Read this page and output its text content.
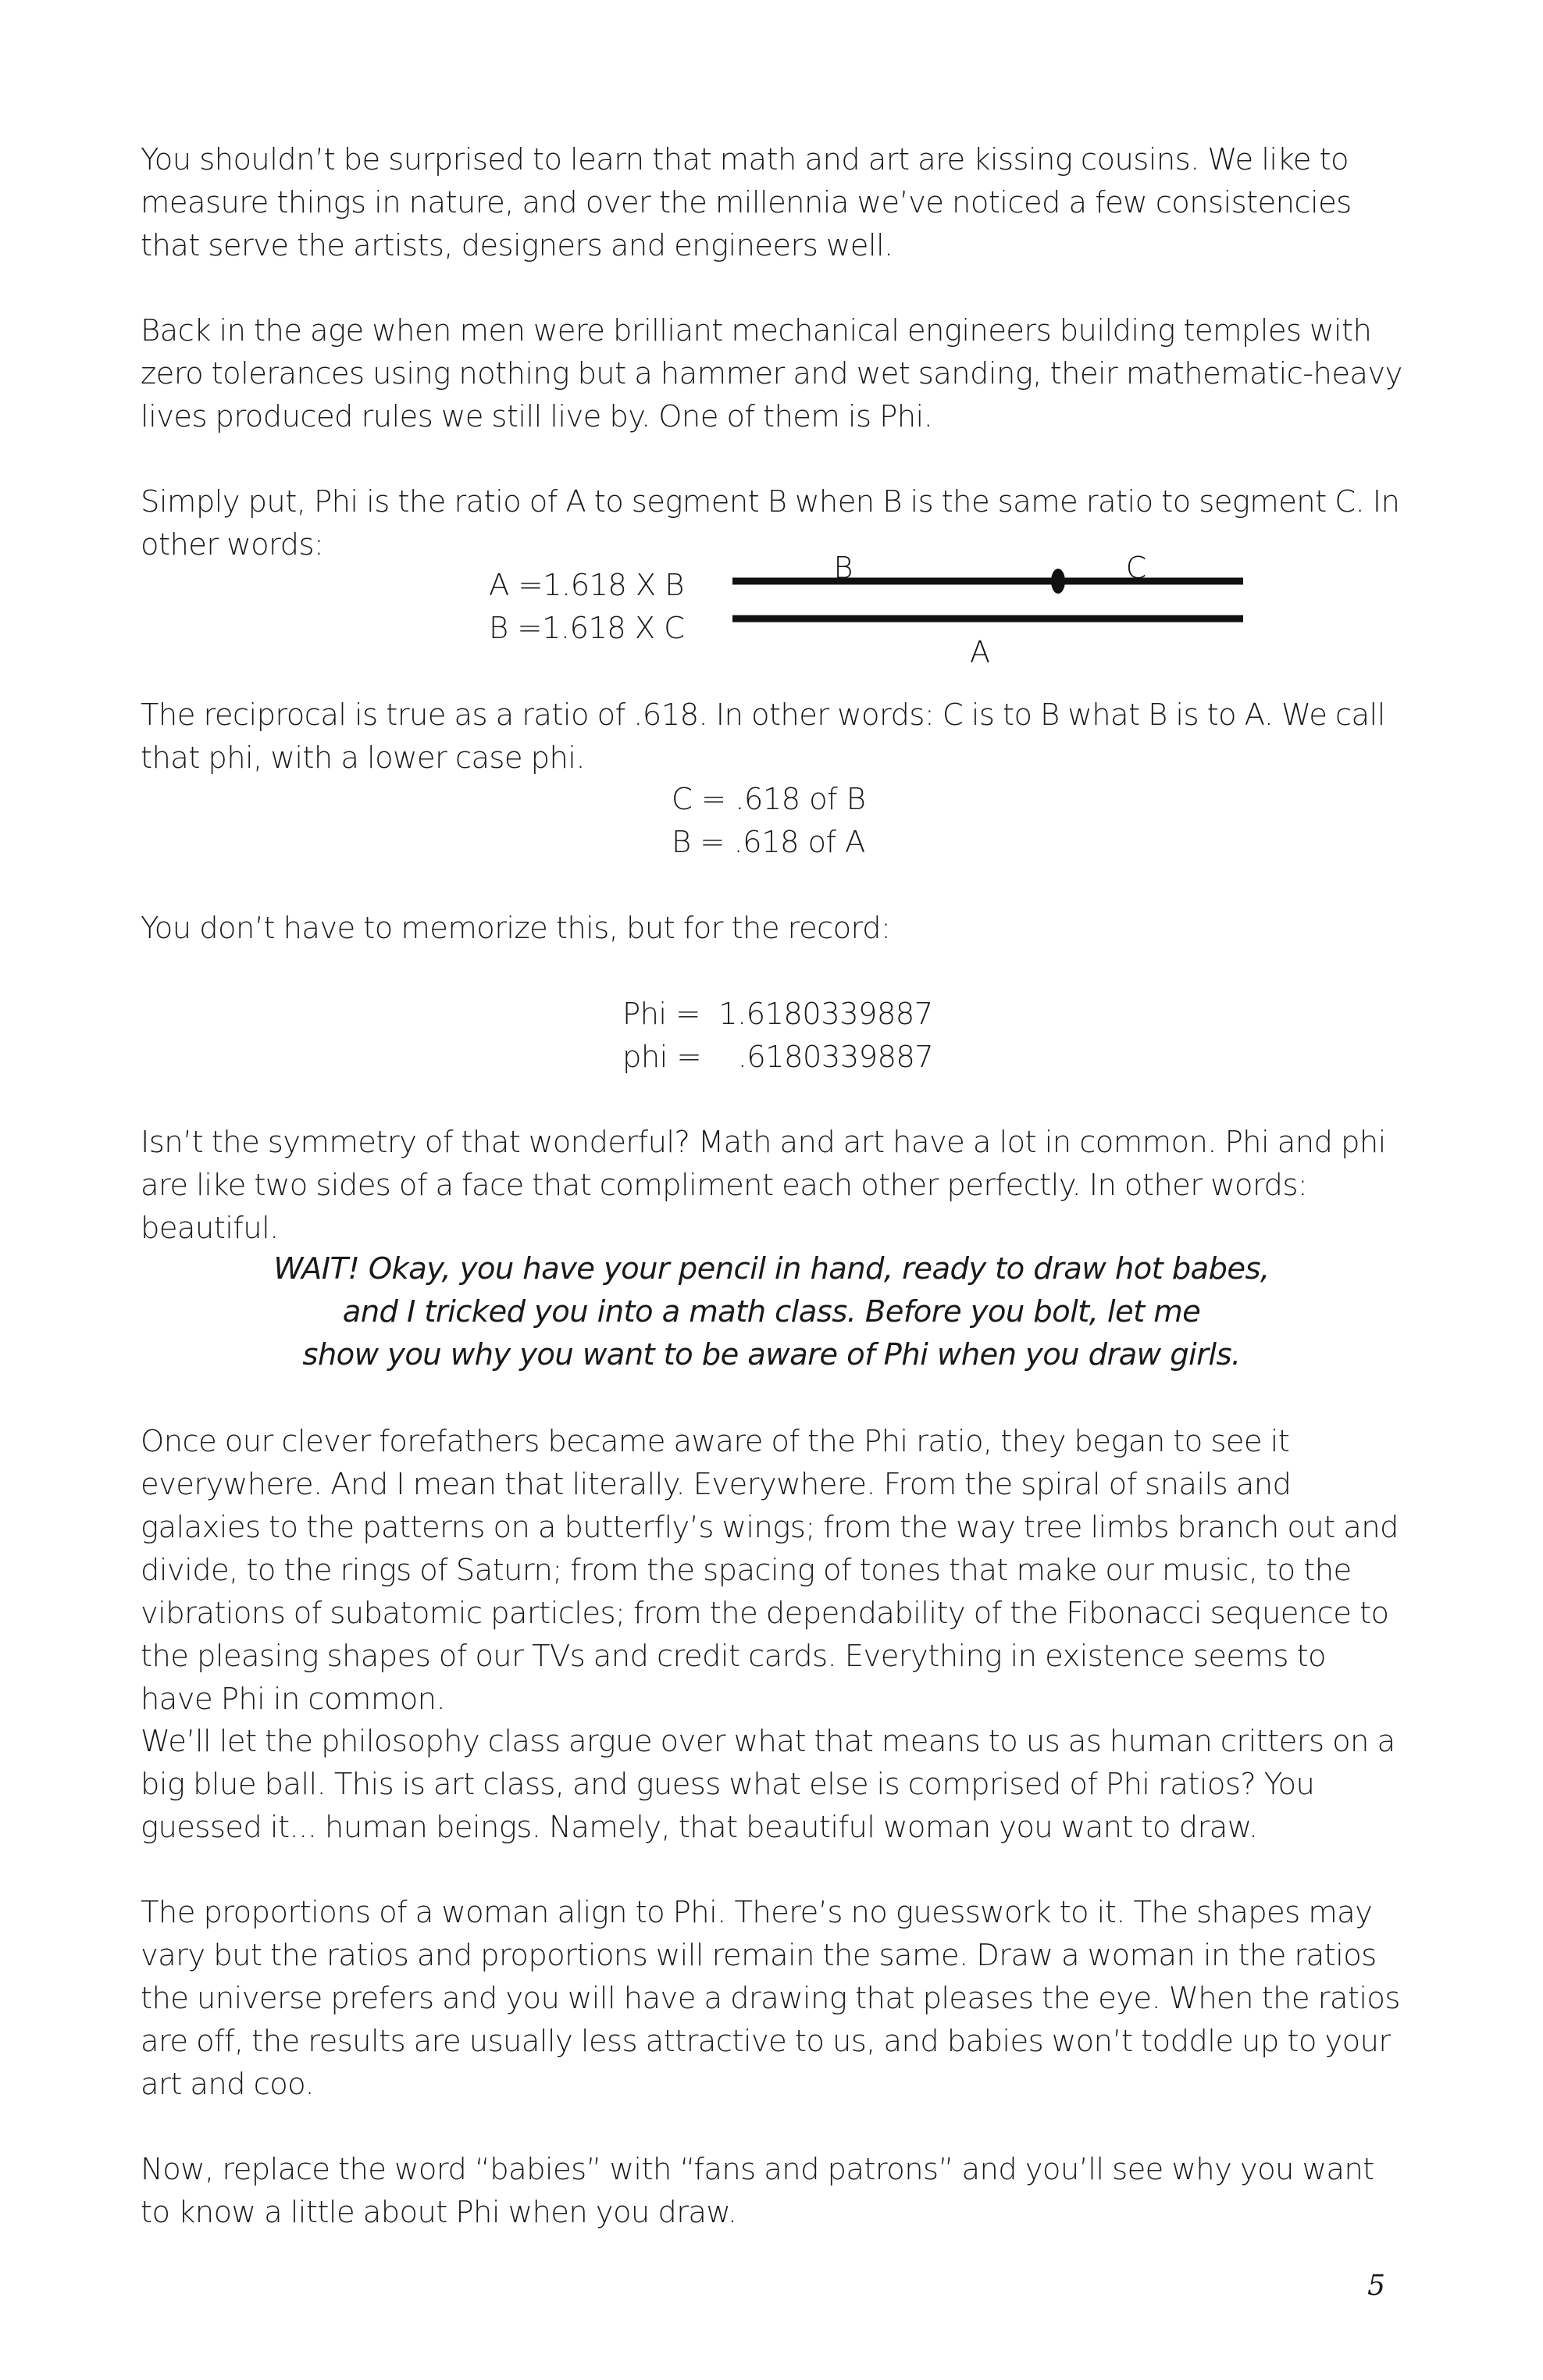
You shouldn’t be surprised to learn that math and art are kissing cousins. We like to measure things in nature, and over the millennia we’ve noticed a few consistencies that serve the artists, designers and engineers well.

Back in the age when men were brilliant mechanical engineers building temples with zero tolerances using nothing but a hammer and wet sanding, their mathematic-heavy lives produced rules we still live by. One of them is Phi.

Simply put, Phi is the ratio of A to segment B when B is the same ratio to segment C. In other words:

A =1.618 X B

B =1.618 X C

B	C
A

The reciprocal is true as a ratio of .618. In other words: C is to B what B is to A. We call that phi, with a lower case phi.

C = .618 of B

B = .618 of A

You don’t have to memorize this, but for the record:

Phi =  1.6180339887

phi =    .6180339887

Isn’t the symmetry of that wonderful? Math and art have a lot in common. Phi and phi are like two sides of a face that compliment each other perfectly. In other words: beautiful.

WAIT! Okay, you have your pencil in hand, ready to draw hot babes,

and I tricked you into a math class. Before you bolt, let me

show you why you want to be aware of Phi when you draw girls.

Once our clever forefathers became aware of the Phi ratio, they began to see it everywhere. And I mean that literally. Everywhere. From the spiral of snails and galaxies to the patterns on a butterfly’s wings; from the way tree limbs branch out and divide, to the rings of Saturn; from the spacing of tones that make our music, to the vibrations of subatomic particles; from the dependability of the Fibonacci sequence to the pleasing shapes of our TVs and credit cards. Everything in existence seems to have Phi in common.

We’ll let the philosophy class argue over what that means to us as human critters on a big blue ball. This is art class, and guess what else is comprised of Phi ratios? You guessed it... human beings. Namely, that beautiful woman you want to draw.

The proportions of a woman align to Phi. There’s no guesswork to it. The shapes may vary but the ratios and proportions will remain the same. Draw a woman in the ratios the universe prefers and you will have a drawing that pleases the eye. When the ratios are off, the results are usually less attractive to us, and babies won’t toddle up to your art and coo.

Now, replace the word “babies” with “fans and patrons” and you’ll see why you want to know a little about Phi when you draw.

5
